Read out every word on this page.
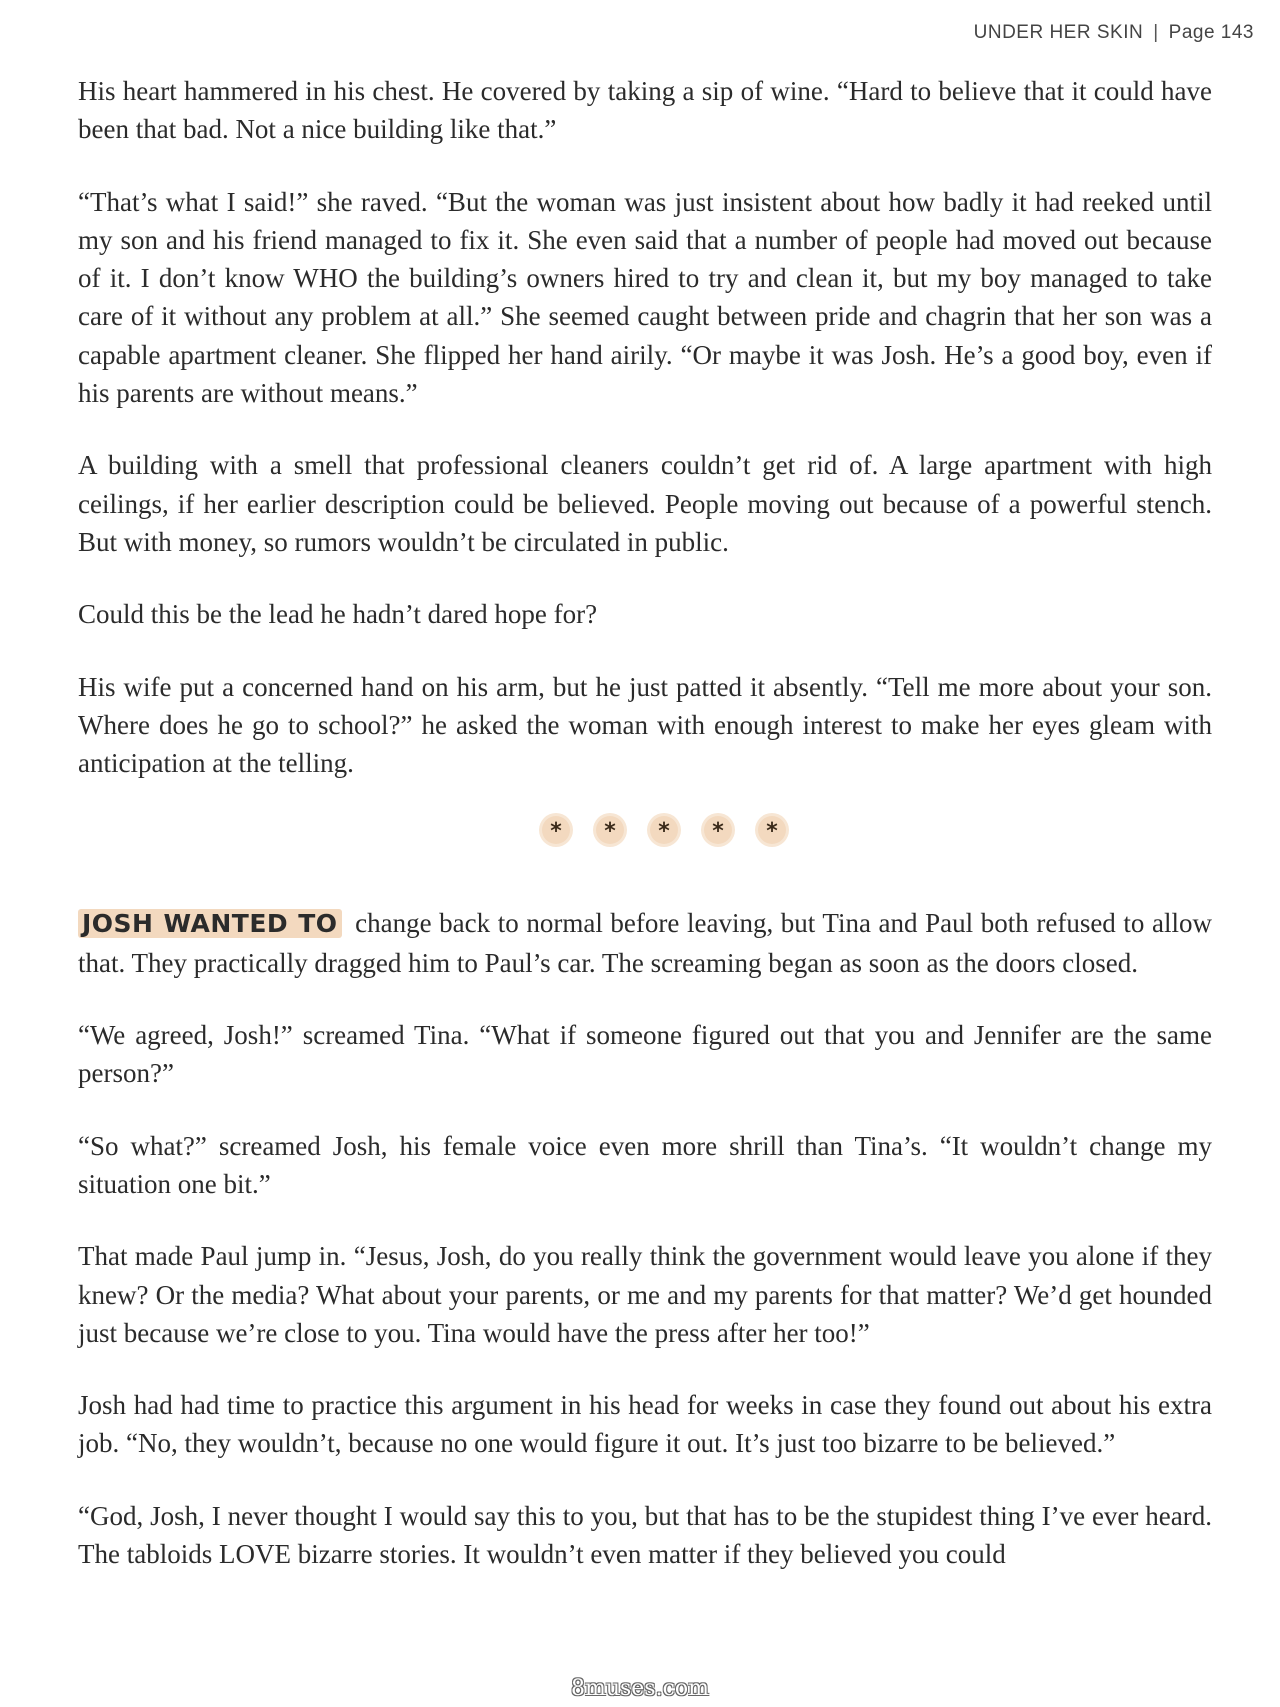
UNDER HER SKIN | Page 143

His heart hammered in his chest. He covered by taking a sip of wine. “Hard to believe that it could have been that bad. Not a nice building like that.”

“That’s what I said!” she raved. “But the woman was just insistent about how badly it had reeked until my son and his friend managed to fix it. She even said that a number of people had moved out because of it. I don’t know WHO the building’s owners hired to try and clean it, but my boy managed to take care of it without any problem at all.” She seemed caught between pride and chagrin that her son was a capable apartment cleaner. She flipped her hand airily. “Or maybe it was Josh. He’s a good boy, even if his parents are without means.”

A building with a smell that professional cleaners couldn’t get rid of. A large apartment with high ceilings, if her earlier description could be believed. People moving out because of a powerful stench. But with money, so rumors wouldn’t be circulated in public.

Could this be the lead he hadn’t dared hope for?

His wife put a concerned hand on his arm, but he just patted it absently. “Tell me more about your son. Where does he go to school?” he asked the woman with enough interest to make her eyes gleam with anticipation at the telling.

*	*	*	*	*

JOSH WANTED TO change back to normal before leaving, but Tina and Paul both refused to allow that. They practically dragged him to Paul’s car. The screaming began as soon as the doors closed.

“We agreed, Josh!” screamed Tina. “What if someone figured out that you and Jennifer are the same person?”

“So what?” screamed Josh, his female voice even more shrill than Tina’s. “It wouldn’t change my situation one bit.”

That made Paul jump in. “Jesus, Josh, do you really think the government would leave you alone if they knew? Or the media? What about your parents, or me and my parents for that matter? We’d get hounded just because we’re close to you. Tina would have the press after her too!”

Josh had had time to practice this argument in his head for weeks in case they found out about his extra job. “No, they wouldn’t, because no one would figure it out. It’s just too bizarre to be believed.”

“God, Josh, I never thought I would say this to you, but that has to be the stupidest thing I’ve ever heard. The tabloids LOVE bizarre stories. It wouldn’t even matter if they believed you could

8muses.com
